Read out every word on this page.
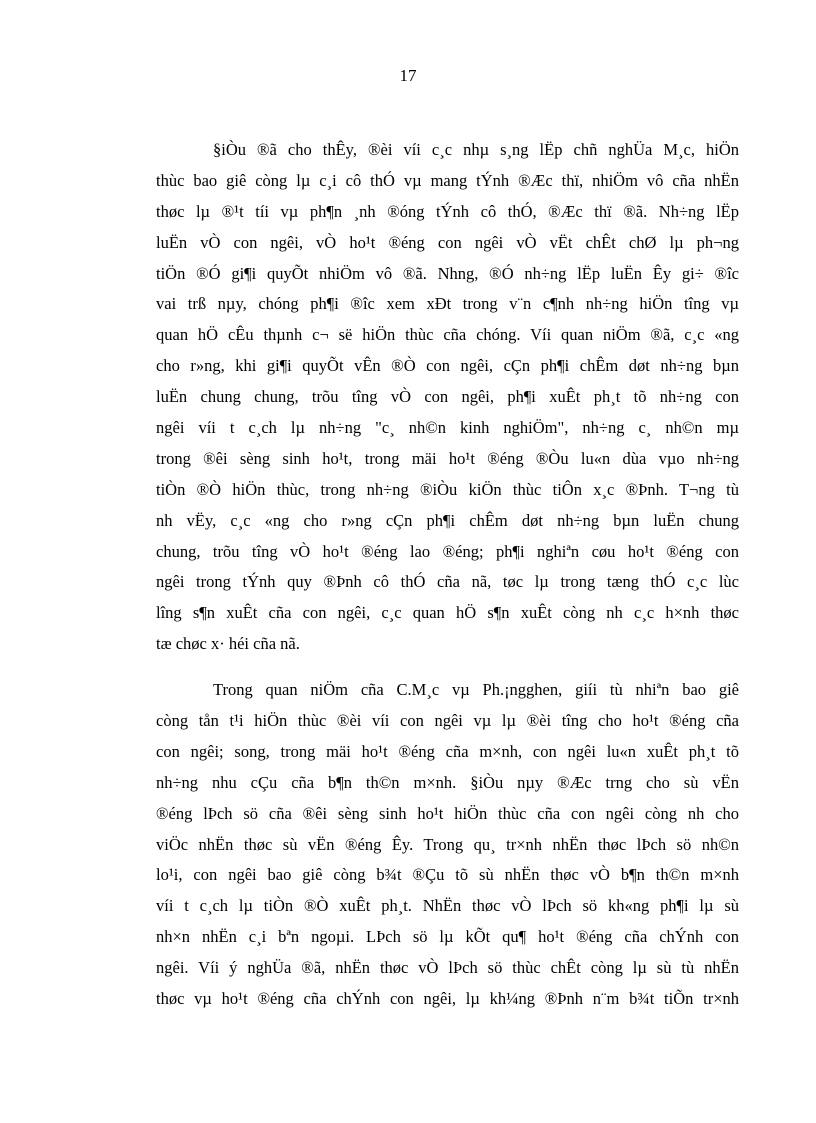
17
§iÒu ®ã cho thÊy, ®èi víi c¸c nhµ s¸ng lËp chñ nghÜa M¸c, hiÖn
thùc bao giê còng lµ c¸i cô thÓ vµ mang tÝnh ®Æc thï, nhiÖm vô cña nhËn
thøc lµ ®¹t tíi vµ ph¶n ¸nh ®óng tÝnh cô thÓ, ®Æc thï ®ã. Nh÷ng lËp
luËn vÒ con ngêi, vÒ ho¹t ®éng con ngêi vÒ vËt chÊt chØ lµ ph¬ng
tiÖn ®Ó gi¶i quyÕt nhiÖm vô ®ã. Nhng, ®Ó nh÷ng lËp luËn Êy gi÷ ®îc
vai trß nµy, chóng ph¶i ®îc xem xÐt trong v¨n c¶nh nh÷ng hiÖn tîng vµ
quan hÖ cÊu thµnh c¬ së hiÖn thùc cña chóng. Víi quan niÖm ®ã, c¸c «ng
cho r»ng, khi gi¶i quyÕt vÊn ®Ò con ngêi, cÇn ph¶i chÊm døt nh÷ng bµn
luËn chung chung, trõu tîng vÒ con ngêi, ph¶i xuÊt ph¸t tõ nh÷ng con
ngêi víi t c¸ch lµ nh÷ng "c¸ nh©n kinh nghiÖm", nh÷ng c¸ nh©n mµ
trong ®êi sèng sinh ho¹t, trong mäi ho¹t ®éng ®Òu lu«n dùa vµo nh÷ng
tiÒn ®Ò hiÖn thùc, trong nh÷ng ®iÒu kiÖn thùc tiÔn x¸c ®Þnh. T¬ng tù
nh vËy, c¸c «ng cho r»ng cÇn ph¶i chÊm døt nh÷ng bµn luËn chung
chung, trõu tîng vÒ ho¹t ®éng lao ®éng; ph¶i nghiªn cøu ho¹t ®éng con
ngêi trong tÝnh quy ®Þnh cô thÓ cña nã, tøc lµ trong tæng thÓ c¸c lùc
lîng s¶n xuÊt cña con ngêi, c¸c quan hÖ s¶n xuÊt còng nh c¸c h×nh thøc
tæ chøc x· héi cña nã.
Trong quan niÖm cña C.M¸c vµ Ph.¡ngghen, giíi tù nhiªn bao giê
còng tån t¹i hiÖn thùc ®èi víi con ngêi vµ lµ ®èi tîng cho ho¹t ®éng cña
con ngêi; song, trong mäi ho¹t ®éng cña m×nh, con ngêi lu«n xuÊt ph¸t tõ
nh÷ng nhu cÇu cña b¶n th©n m×nh. §iÒu nµy ®Æc trng cho sù vËn
®éng lÞch sö cña ®êi sèng sinh ho¹t hiÖn thùc cña con ngêi còng nh cho
viÖc nhËn thøc sù vËn ®éng Êy. Trong qu¸ tr×nh nhËn thøc lÞch sö nh©n
lo¹i, con ngêi bao giê còng b¾t ®Çu tõ sù nhËn thøc vÒ b¶n th©n m×nh
víi t c¸ch lµ tiÒn ®Ò xuÊt ph¸t. NhËn thøc vÒ lÞch sö kh«ng ph¶i lµ sù
nh×n nhËn c¸i bªn ngoµi. LÞch sö lµ kÕt qu¶ ho¹t ®éng cña chÝnh con
ngêi. Víi ý nghÜa ®ã, nhËn thøc vÒ lÞch sö thùc chÊt còng lµ sù tù nhËn
thøc vµ ho¹t ®éng cña chÝnh con ngêi, lµ kh¼ng ®Þnh n¨m b¾t tiÕn tr×nh
